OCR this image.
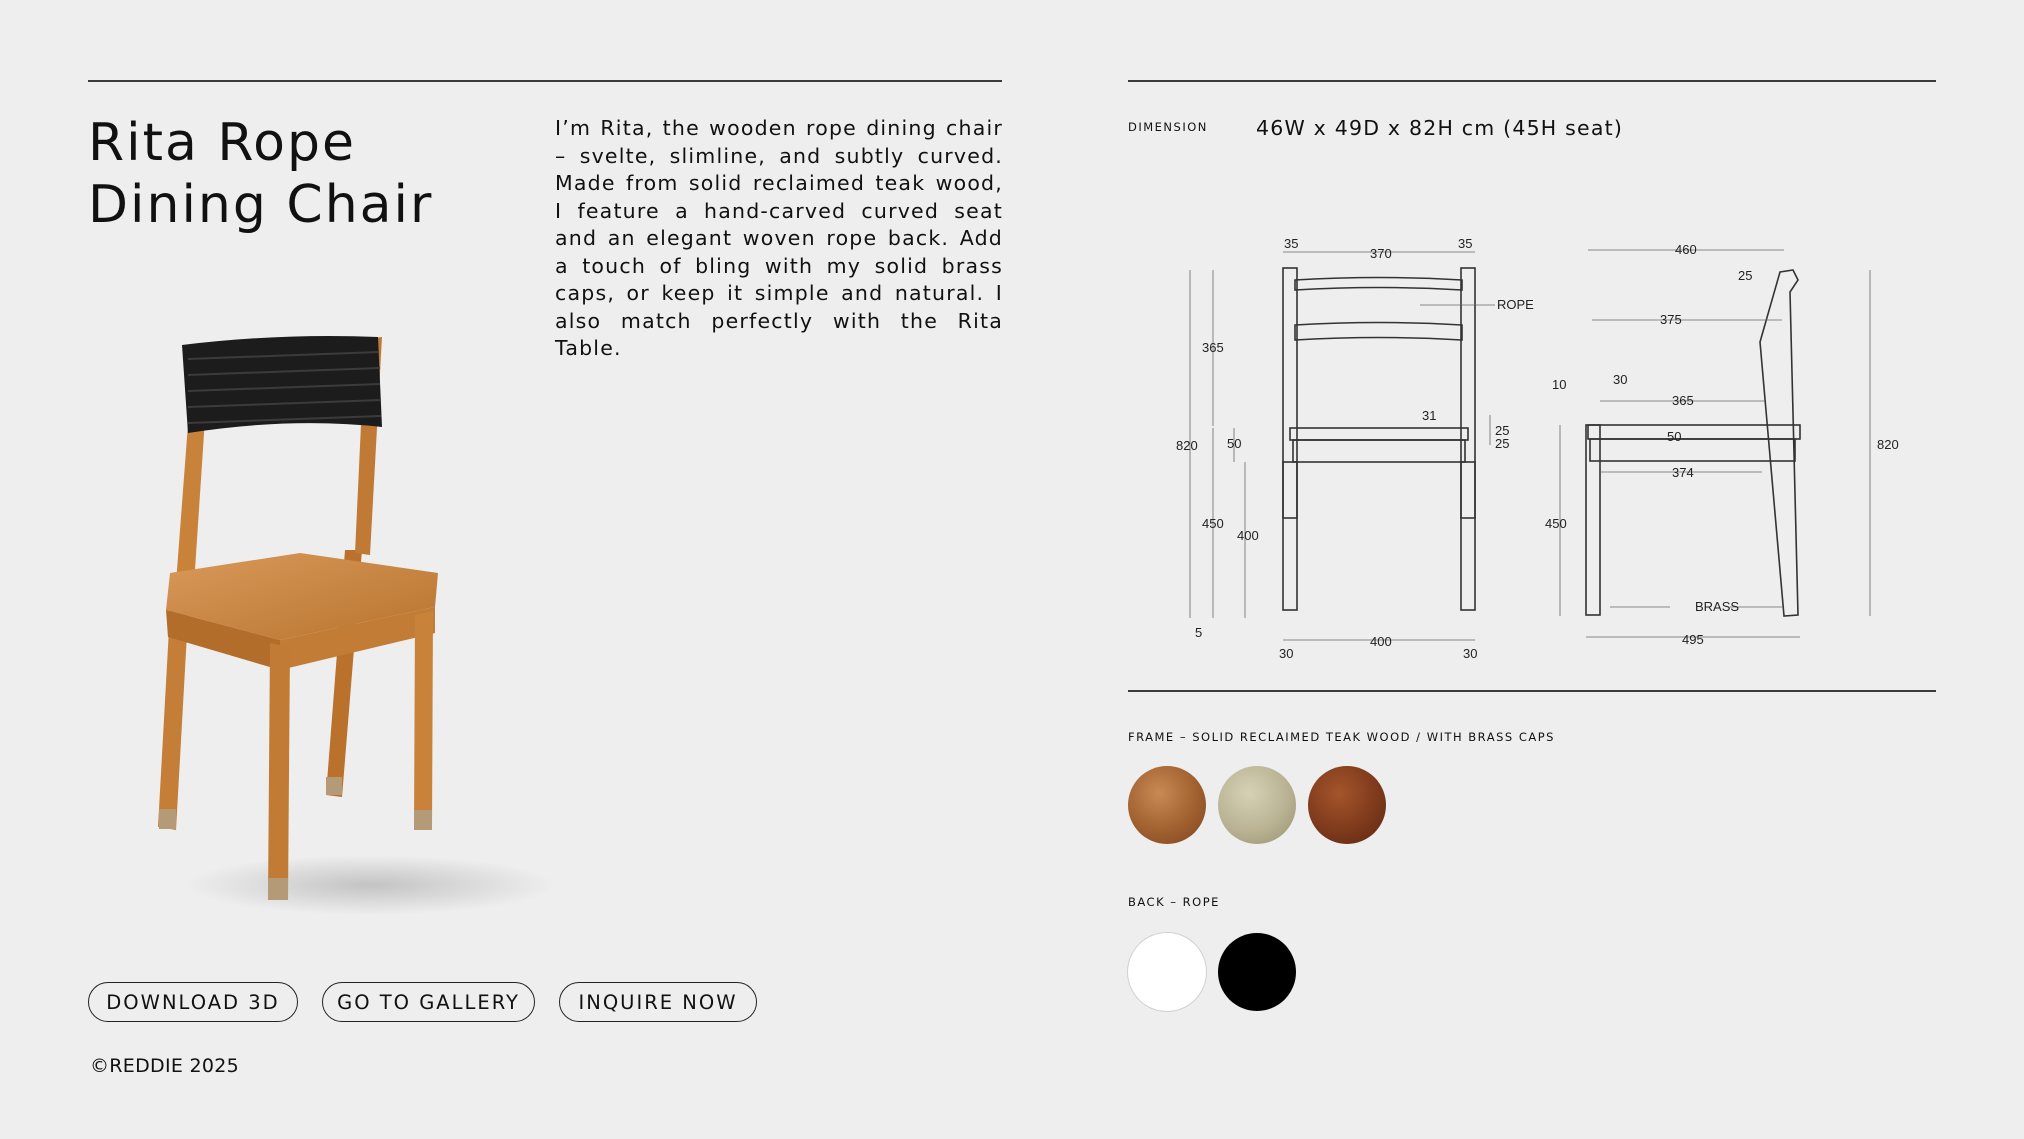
Rita Rope
Dining Chair

I’m Rita, the wooden rope dining chair – svelte, slimline, and subtly curved. Made from solid reclaimed teak wood, I feature a hand-carved curved seat and an elegant woven rope back. Add a touch of bling with my solid brass caps, or keep it simple and natural. I also match perfectly with the Rita Table.

DOWNLOAD 3D	GO TO GALLERY	INQUIRE NOW
©REDDIE 2025
DIMENSION 46W x 49D x 82H cm (45H seat)
35
370
35
ROPE
365
820 50
450
400
5
31
25
25
30
400
30
460
25
375
10	30
365
50
374
450
820
BRASS
495
FRAME – SOLID RECLAIMED TEAK WOOD / WITH BRASS CAPS
BACK – ROPE
